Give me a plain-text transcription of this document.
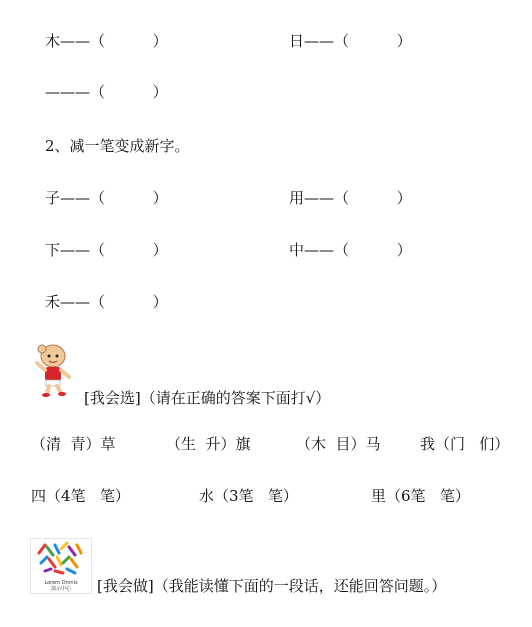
木——（          ）	日——（          ）
———（          ）
2、减一笔变成新字。
子——（          ）	用——（          ）
下——（          ）	中——（          ）
禾——（          ）
[我会选]（请在正确的答案下面打√）
（清  青）草	（生  升）旗	（木  目）马	我（门   们）
四（4笔   笔）	水（3笔   笔）	里（6笔   笔）
Lorem Omnis
演示中心 [我会做]（我能读懂下面的一段话，还能回答问题。）
